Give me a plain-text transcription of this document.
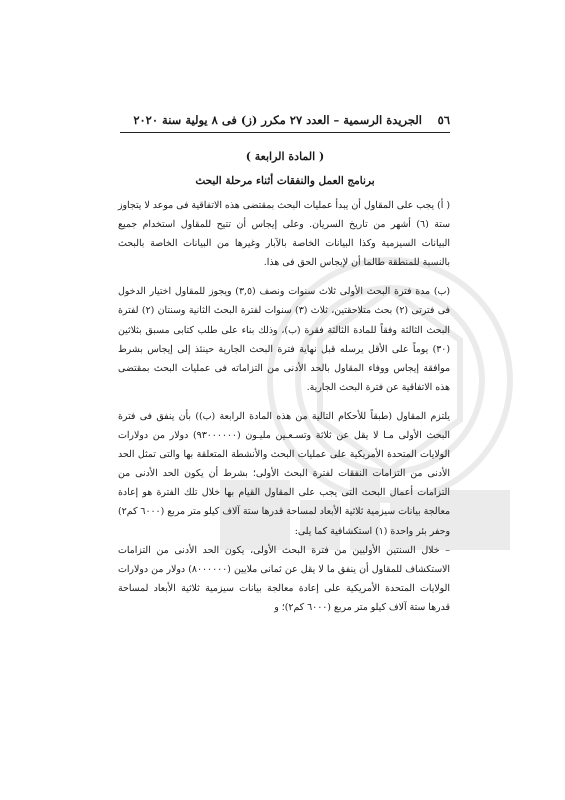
٥٦
الجريدة الرسمية – العدد ٢٧ مكرر (ز) فى ٨ يولية سنة ٢٠٢٠
( المادة الرابعة )
برنامج العمل والنفقات أثناء مرحلة البحث

( أ) يجب على المقاول أن يبدأ عمليات البحث بمقتضى هذه الاتفاقية فى موعد لا يتجاوز ستة (٦) أشهر من تاريخ السريان. وعلى إيجاس أن تتيح للمقاول استخدام جميع البيانات السيزمية وكذا البيانات الخاصة بالآبار وغيرها من البيانات الخاصة بالبحث بالنسبة للمنطقة طالما أن لإيجاس الحق فى هذا.

(ب) مدة فترة البحث الأولى ثلاث سنوات ونصف (٣,٥) ويجوز للمقاول اختيار الدخول فى فترتى (٢) بحث متلاحقتين، ثلاث (٣) سنوات لفترة البحث الثانية وسنتان (٢) لفترة البحث الثالثة وفقاً للمادة الثالثة فقرة (ب)، وذلك بناء على طلب كتابى مسبق بثلاثين (٣٠) يوماً على الأقل يرسله قبل نهاية فترة البحث الجارية حينئذ إلى إيجاس بشرط موافقة إيجاس ووفاء المقاول بالحد الأدنى من التزاماته فى عمليات البحث بمقتضى هذه الاتفاقية عن فترة البحث الجارية.

يلتزم المقاول (طبقاً للأحكام التالية من هذه المادة الرابعة (ب)) بأن ينفق فى فترة البحث الأولى مـا لا يقل عن ثلاثة وتسـعـين مليـون (٩٣٠٠٠٠٠٠) دولار من دولارات الولايات المتحدة الأمريكية على عمليات البحث والأنشطة المتعلقة بها والتى تمثل الحد الأدنى من التزامات النفقات لفترة البحث الأولى؛ بشرط أن يكون الحد الأدنى من التزامات أعمال البحث التى يجب على المقاول القيام بها خلال تلك الفترة هو إعادة معالجة بيانات سيزمية ثلاثية الأبعاد لمساحة قدرها ستة آلاف كيلو متر مربع (٦٠٠٠ كم٢) وحفر بئر واحدة (١) استكشافية كما يلى:

– خلال السنتين الأوليين من فترة البحث الأولى، يكون الحد الأدنى من التزامات الاستكشاف للمقاول أن ينفق ما لا يقل عن ثمانى ملايين (٨٠٠٠٠٠٠) دولار من دولارات الولايات المتحدة الأمريكية على إعادة معالجة بيانات سيزمية ثلاثية الأبعاد لمساحة قدرها ستة آلاف كيلو متر مربع (٦٠٠٠ كم٢)؛ و
